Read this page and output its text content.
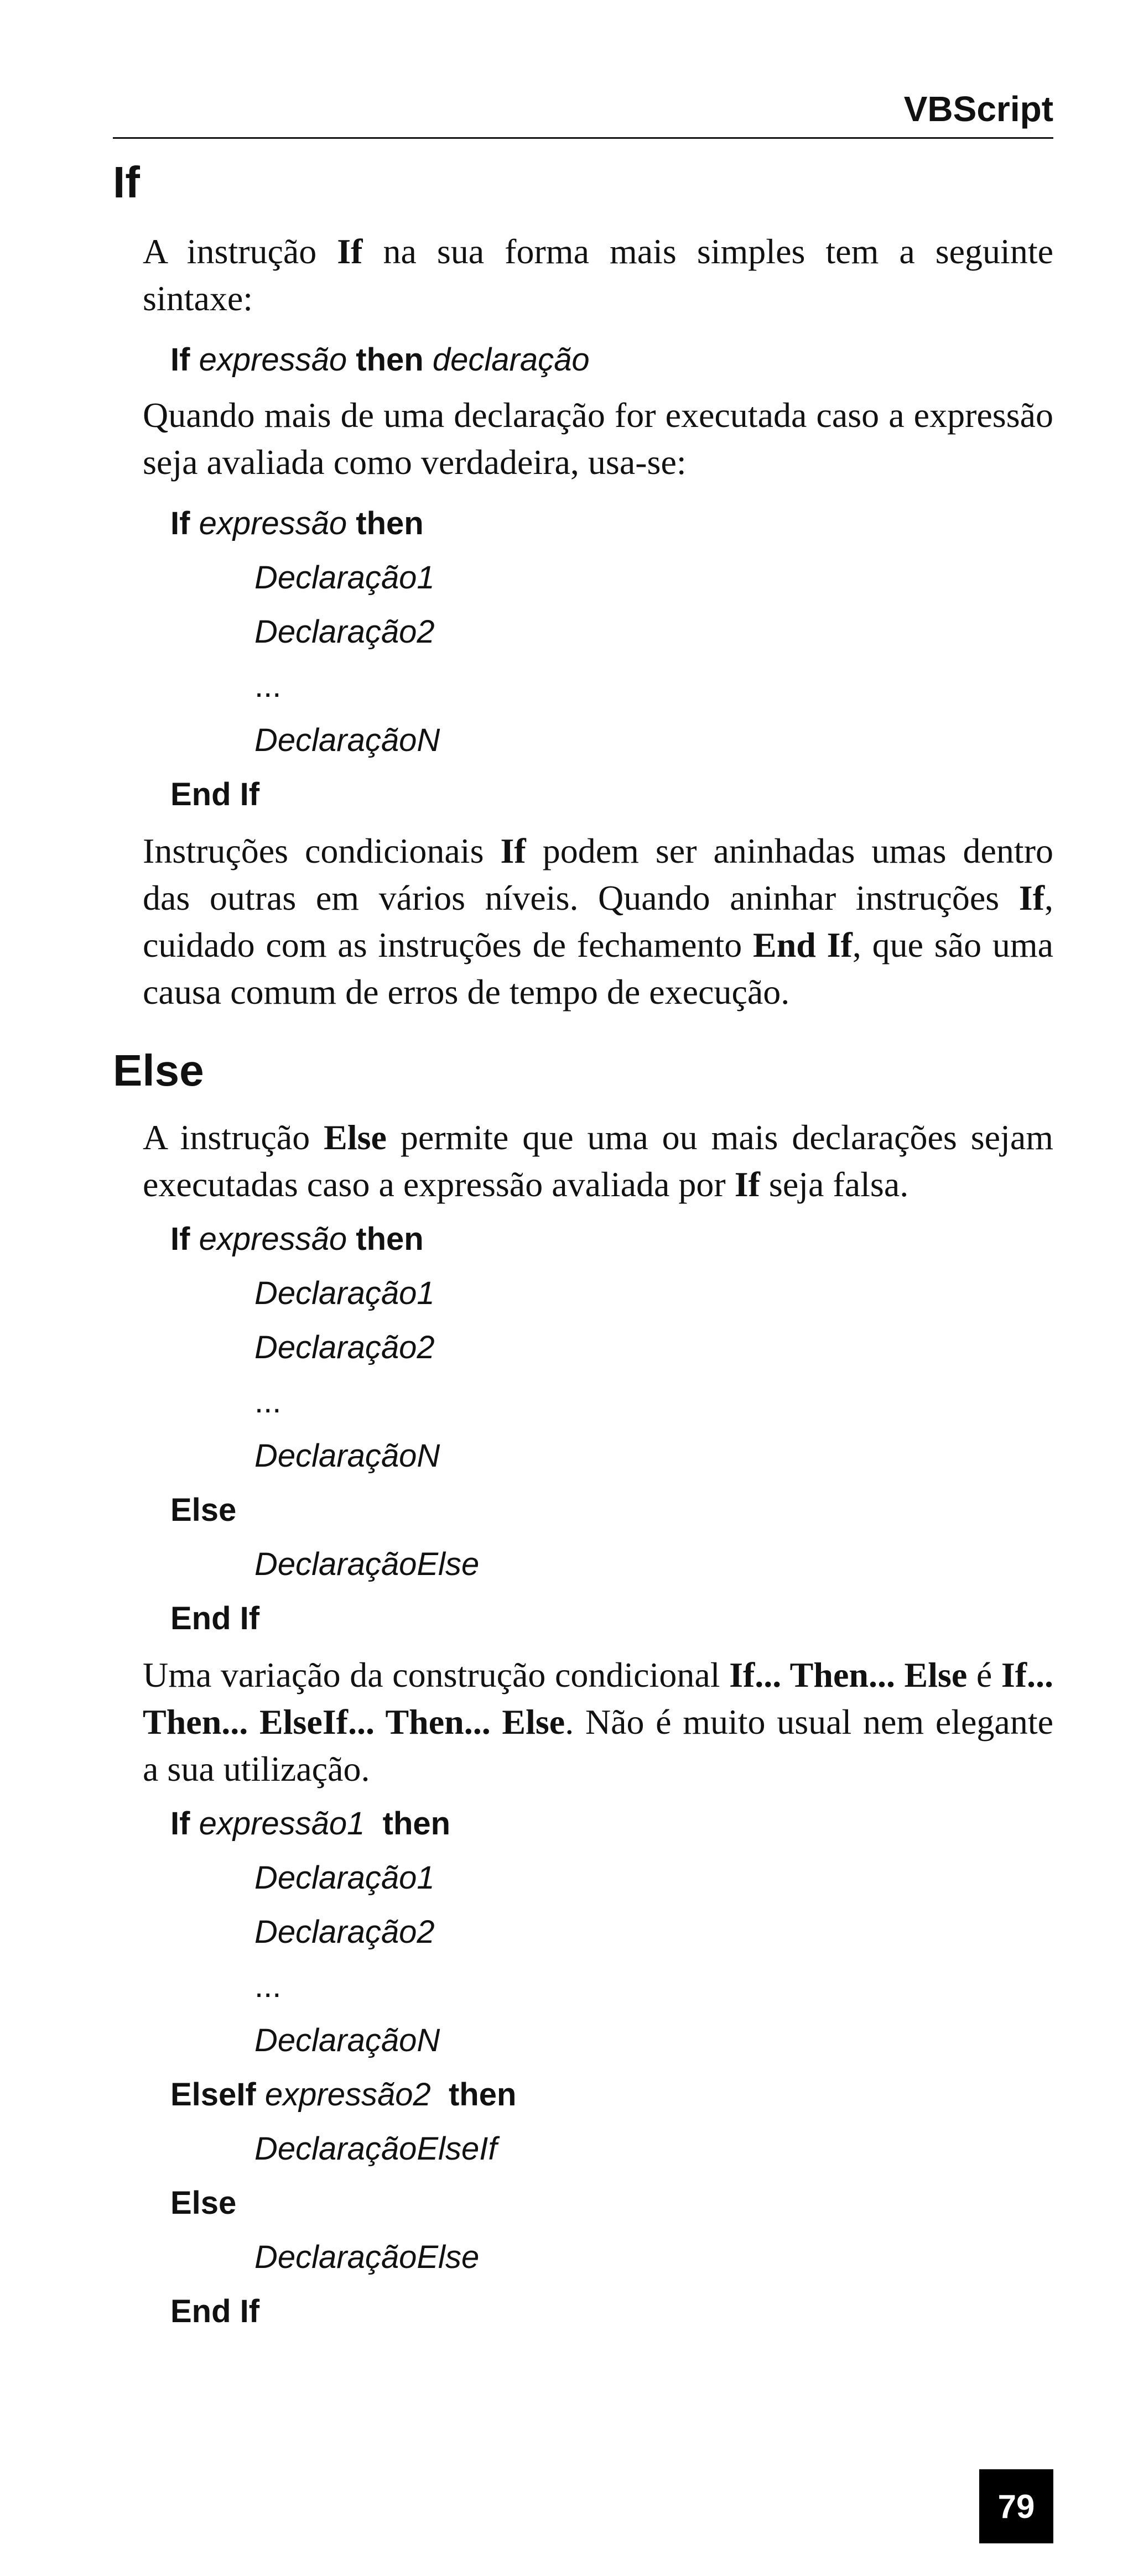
VBScript
If

A instrução If na sua forma mais simples tem a seguinte sintaxe:

If expressão then declaração

Quando mais de uma declaração for executada caso a expressão seja avaliada como verdadeira, usa-se:

If expressão then
Declaração1
Declaração2
...
DeclaraçãoN
End If

Instruções condicionais If podem ser aninhadas umas dentro das outras em vários níveis. Quando aninhar instruções If, cuidado com as instruções de fechamento End If, que são uma causa comum de erros de tempo de execução.

Else

A instrução Else permite que uma ou mais declarações sejam executadas caso a expressão avaliada por If seja falsa.

If expressão then
Declaração1
Declaração2
...
DeclaraçãoN
Else
DeclaraçãoElse
End If

Uma variação da construção condicional If... Then... Else é If... Then... ElseIf... Then... Else. Não é muito usual nem elegante a sua utilização.

If expressão1 then
Declaração1
Declaração2
...
DeclaraçãoN
ElseIf expressão2 then
DeclaraçãoElseIf
Else
DeclaraçãoElse
End If
79
